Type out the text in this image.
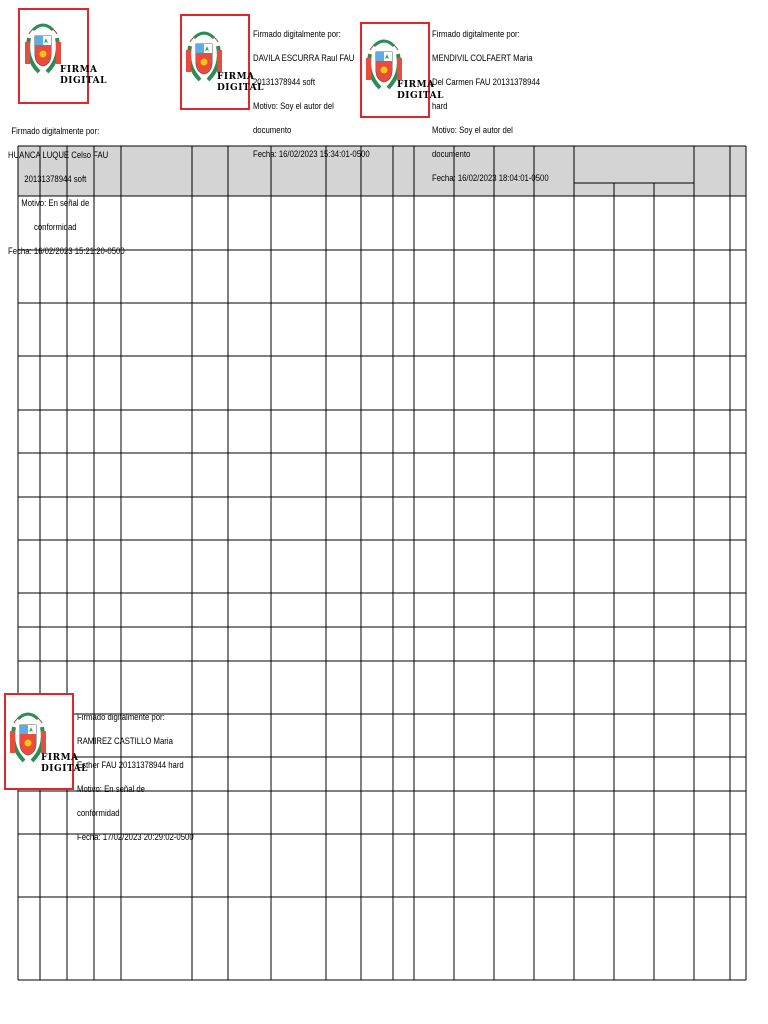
FIRMA
DIGITAL

Firmado digitalmente por:

HUANCA LUQUE Celso FAU

20131378944 soft

Motivo: En señal de

conformidad

Fecha: 16/02/2023 15:21:20-0500

FIRMA
DIGITAL

Firmado digitalmente por:

DAVILA ESCURRA Raul FAU

20131378944 soft

Motivo: Soy el autor del

documento

Fecha: 16/02/2023 15:34:01-0500

FIRMA
DIGITAL

Firmado digitalmente por:

MENDIVIL COLFAERT Maria

Del Carmen FAU 20131378944

hard

Motivo: Soy el autor del

documento

Fecha: 16/02/2023 18:04:01-0500

FIRMA
DIGITAL

Firmado digitalmente por:

RAMIREZ CASTILLO Maria

Esther FAU 20131378944 hard

Motivo: En señal de

conformidad

Fecha: 17/02/2023 20:29:02-0500
